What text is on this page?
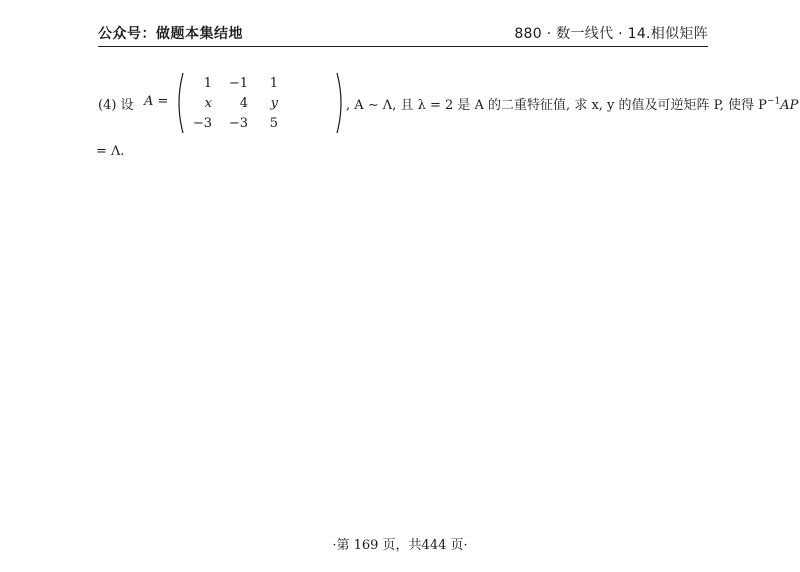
公众号：做题本集结地	880 · 数一线代 · 14.相似矩阵
(4) 设 A =
1	−1	1
x	4	y
−3	−3	5
, A ∼ Λ, 且 λ = 2 是 A 的二重特征值, 求 x, y 的值及可逆矩阵 P, 使得 $P^{-1}AP$
= Λ.
·第 169 页，共444 页·
